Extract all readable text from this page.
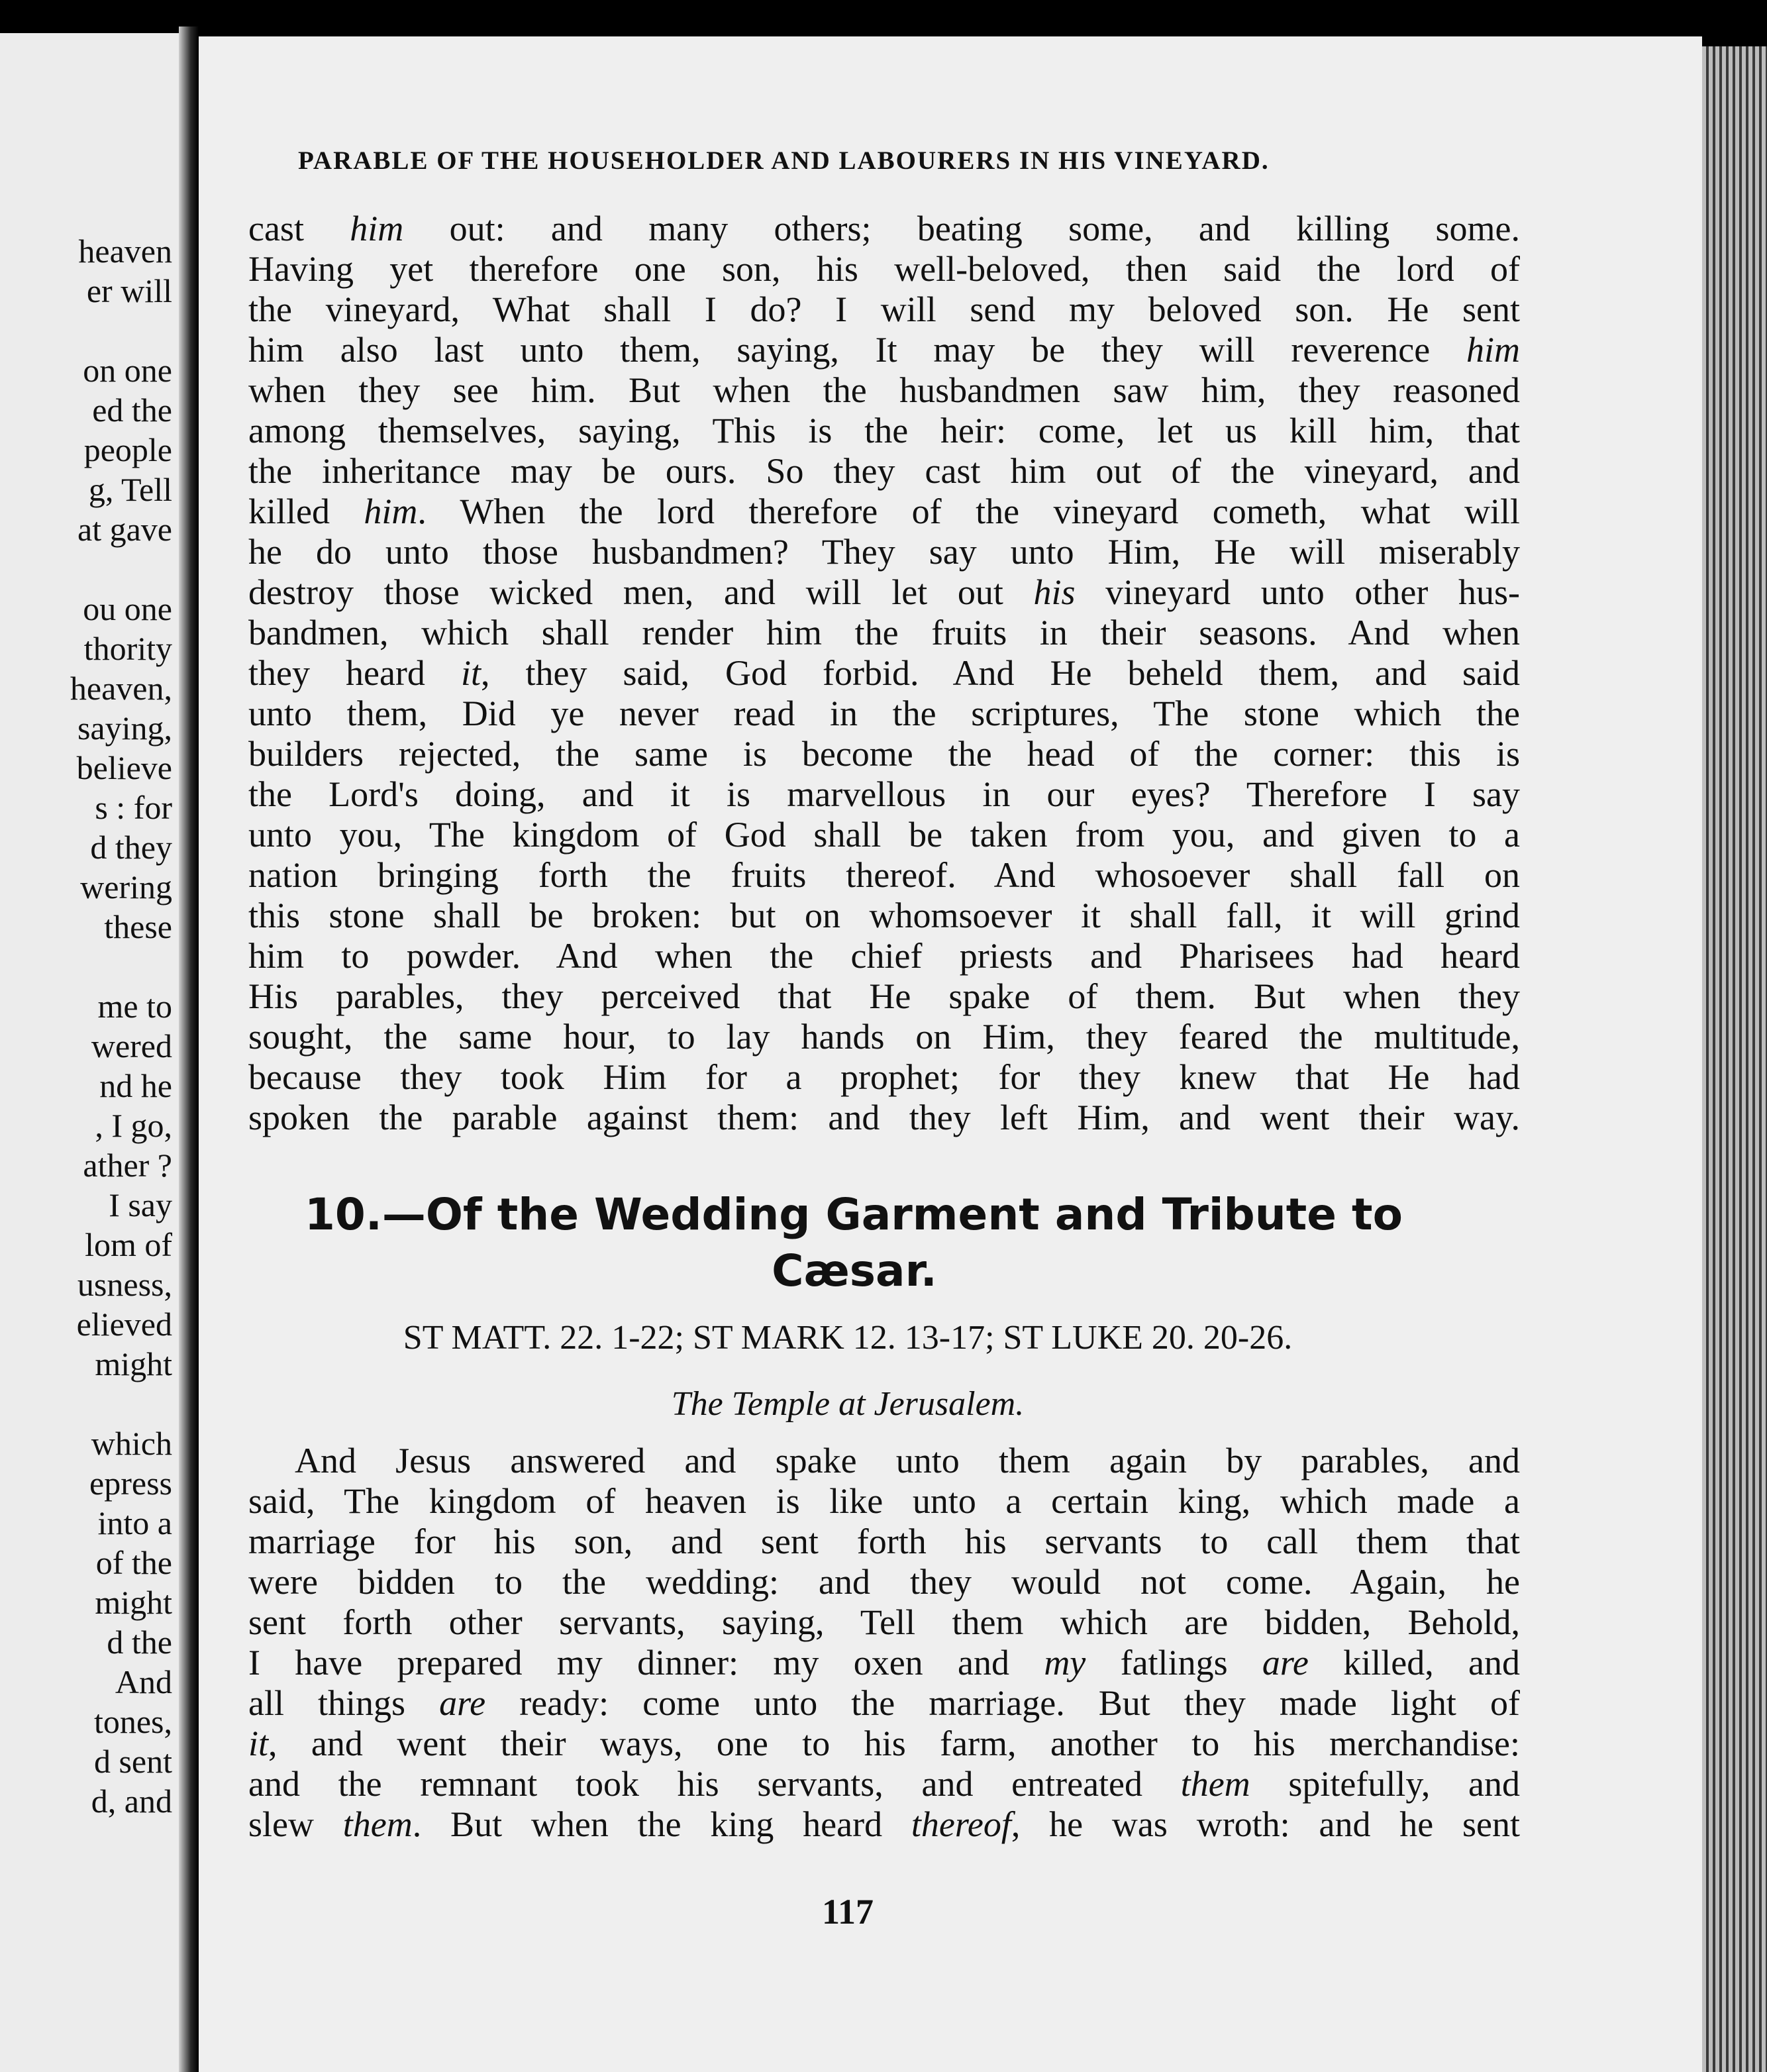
heaven
er will
on one
ed the
people
g, Tell
at gave
ou one
thority
heaven,
saying,
believe
s : for
d they
wering
these
me to
wered
nd he
, I go,
ather ?
I say
lom of
usness,
elieved
might
which
epress
into a
of the
might
d the
And
tones,
d sent
d, and
PARABLE OF THE HOUSEHOLDER AND LABOURERS IN HIS VINEYARD.
cast him out: and many others; beating some, and killing some.
Having yet therefore one son, his well-beloved, then said the lord of
the vineyard, What shall I do? I will send my beloved son. He sent
him also last unto them, saying, It may be they will reverence him
when they see him. But when the husbandmen saw him, they reasoned
among themselves, saying, This is the heir: come, let us kill him, that
the inheritance may be ours. So they cast him out of the vineyard, and
killed him. When the lord therefore of the vineyard cometh, what will
he do unto those husbandmen? They say unto Him, He will miserably
destroy those wicked men, and will let out his vineyard unto other hus-
bandmen, which shall render him the fruits in their seasons. And when
they heard it, they said, God forbid. And He beheld them, and said
unto them, Did ye never read in the scriptures, The stone which the
builders rejected, the same is become the head of the corner: this is
the Lord's doing, and it is marvellous in our eyes? Therefore I say
unto you, The kingdom of God shall be taken from you, and given to a
nation bringing forth the fruits thereof. And whosoever shall fall on
this stone shall be broken: but on whomsoever it shall fall, it will grind
him to powder. And when the chief priests and Pharisees had heard
His parables, they perceived that He spake of them. But when they
sought, the same hour, to lay hands on Him, they feared the multitude,
because they took Him for a prophet; for they knew that He had
spoken the parable against them: and they left Him, and went their way.
10.—Of the Wedding Garment and Tribute to
Cæsar.
ST MATT. 22. 1-22; ST MARK 12. 13-17; ST LUKE 20. 20-26.
The Temple at Jerusalem.
And Jesus answered and spake unto them again by parables, and
said, The kingdom of heaven is like unto a certain king, which made a
marriage for his son, and sent forth his servants to call them that
were bidden to the wedding: and they would not come. Again, he
sent forth other servants, saying, Tell them which are bidden, Behold,
I have prepared my dinner: my oxen and my fatlings are killed, and
all things are ready: come unto the marriage. But they made light of
it, and went their ways, one to his farm, another to his merchandise:
and the remnant took his servants, and entreated them spitefully, and
slew them. But when the king heard thereof, he was wroth: and he sent
117
